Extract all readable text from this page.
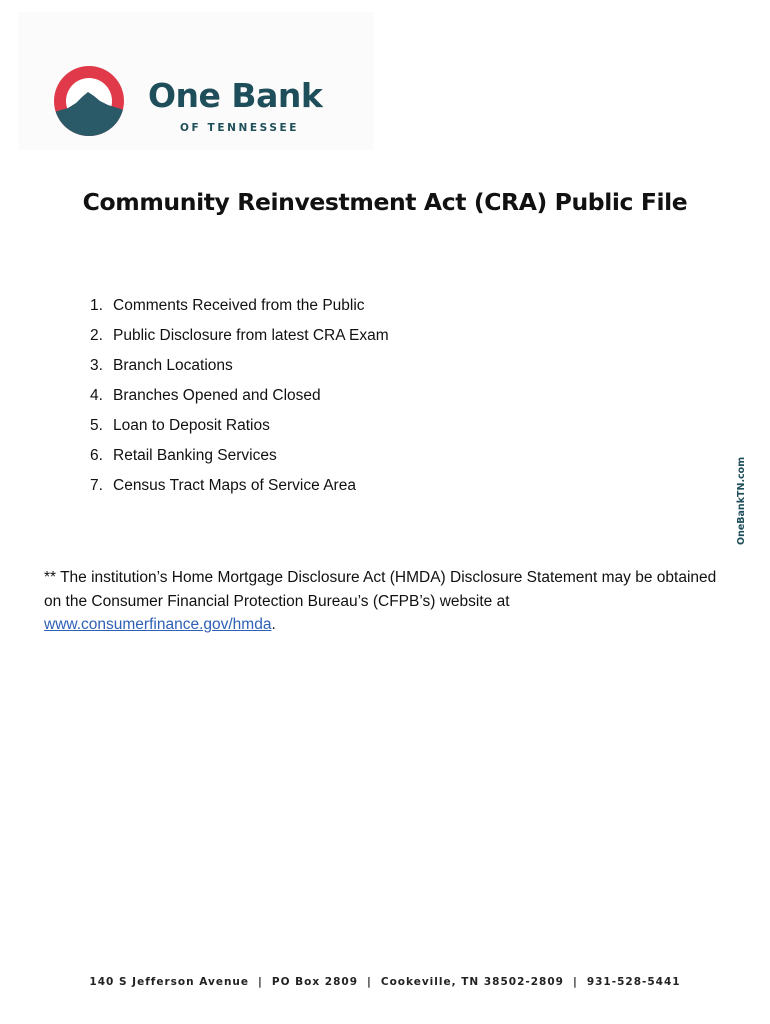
One Bank
OF TENNESSEE
Community Reinvestment Act (CRA) Public File
1. Comments Received from the Public
2. Public Disclosure from latest CRA Exam
3. Branch Locations
4. Branches Opened and Closed
5. Loan to Deposit Ratios
6. Retail Banking Services
7. Census Tract Maps of Service Area	OneBankTN.com

** The institution’s Home Mortgage Disclosure Act (HMDA) Disclosure Statement may be obtained on the Consumer Financial Protection Bureau’s (CFPB’s) website at www.consumerfinance.gov/hmda.

140 S Jefferson Avenue | PO Box 2809 | Cookeville, TN 38502-2809 | 931-528-5441
